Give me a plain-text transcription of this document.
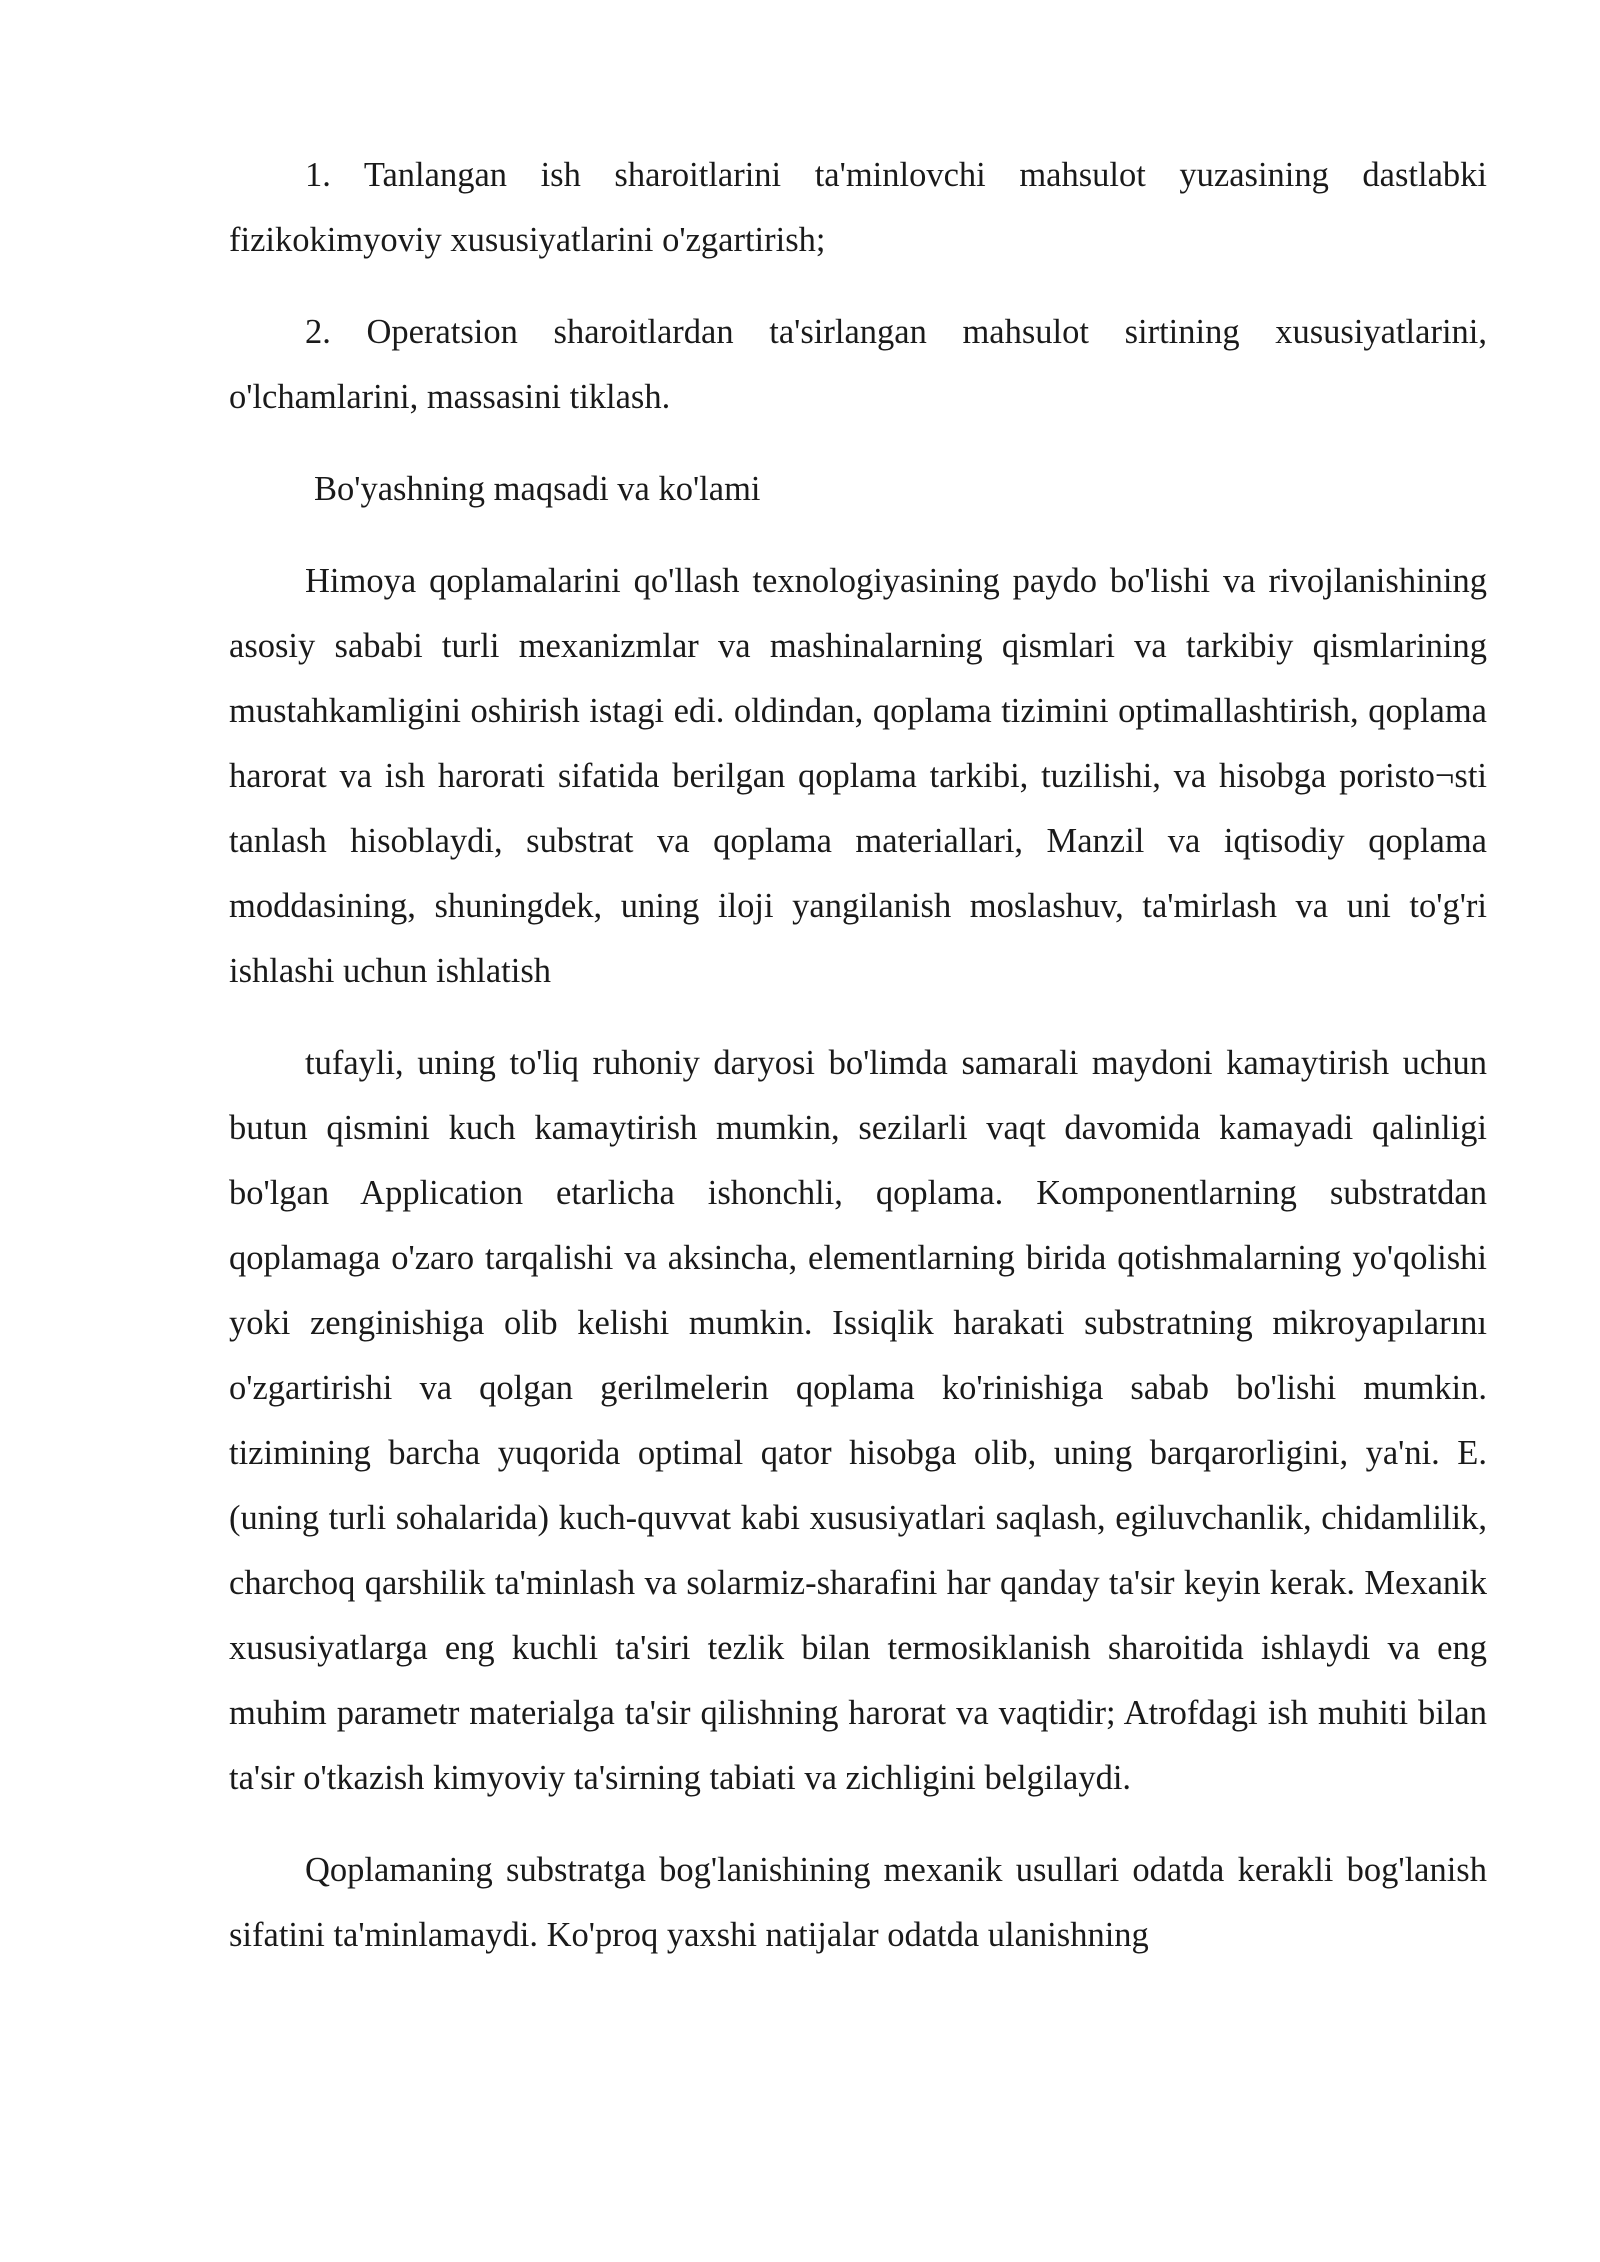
1. Tanlangan ish sharoitlarini ta'minlovchi mahsulot yuzasining dastlabki fizikokimyoviy xususiyatlarini o'zgartirish;

2. Operatsion sharoitlardan ta'sirlangan mahsulot sirtining xususiyatlarini, o'lchamlarini, massasini tiklash.

Bo'yashning maqsadi va ko'lami

Himoya qoplamalarini qo'llash texnologiyasining paydo bo'lishi va rivojlanishining asosiy sababi turli mexanizmlar va mashinalarning qismlari va tarkibiy qismlarining mustahkamligini oshirish istagi edi. oldindan, qoplama tizimini optimallashtirish, qoplama harorat va ish harorati sifatida berilgan qoplama tarkibi, tuzilishi, va hisobga poristo¬sti tanlash hisoblaydi, substrat va qoplama materiallari, Manzil va iqtisodiy qoplama moddasining, shuningdek, uning iloji yangilanish moslashuv, ta'mirlash va uni to'g'ri ishlashi uchun ishlatish

tufayli, uning to'liq ruhoniy daryosi bo'limda samarali maydoni kamaytirish uchun butun qismini kuch kamaytirish mumkin, sezilarli vaqt davomida kamayadi qalinligi bo'lgan Application etarlicha ishonchli, qoplama. Komponentlarning substratdan qoplamaga o'zaro tarqalishi va aksincha, elementlarning birida qotishmalarning yo'qolishi yoki zenginishiga olib kelishi mumkin. Issiqlik harakati substratning mikroyapılarını o'zgartirishi va qolgan gerilmelerin qoplama ko'rinishiga sabab bo'lishi mumkin. tizimining barcha yuqorida optimal qator hisobga olib, uning barqarorligini, ya'ni. E. (uning turli sohalarida) kuch-quvvat kabi xususiyatlari saqlash, egiluvchanlik, chidamlilik, charchoq qarshilik ta'minlash va solarmiz-sharafini har qanday ta'sir keyin kerak. Mexanik xususiyatlarga eng kuchli ta'siri tezlik bilan termosiklanish sharoitida ishlaydi va eng muhim parametr materialga ta'sir qilishning harorat va vaqtidir; Atrofdagi ish muhiti bilan ta'sir o'tkazish kimyoviy ta'sirning tabiati va zichligini belgilaydi.

Qoplamaning substratga bog'lanishining mexanik usullari odatda kerakli bog'lanish sifatini ta'minlamaydi. Ko'proq yaxshi natijalar odatda ulanishning
